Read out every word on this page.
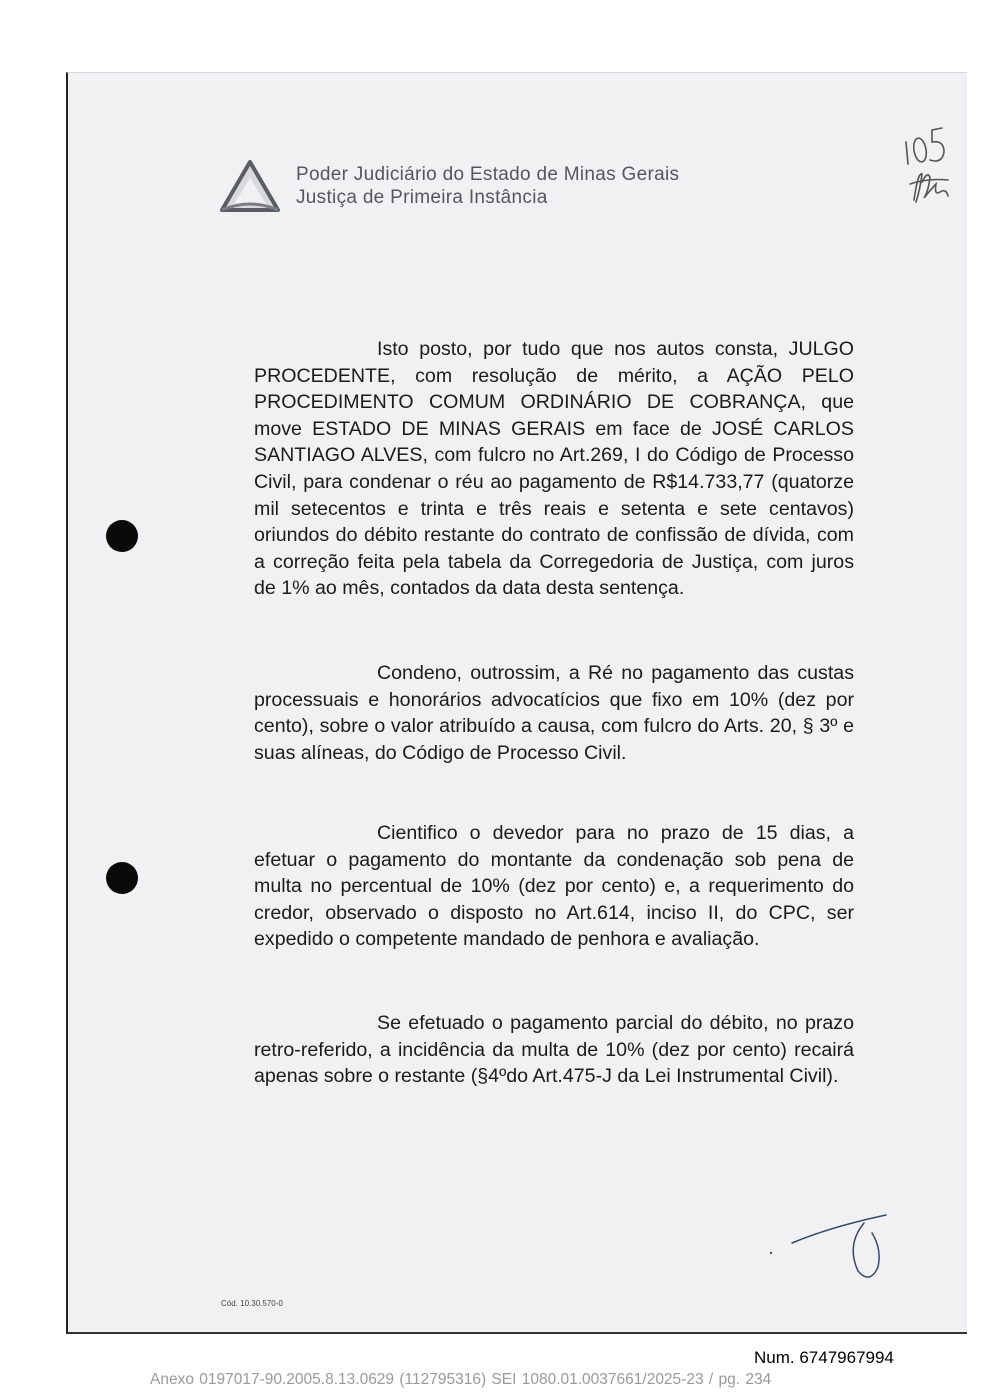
Poder Judiciário do Estado de Minas Gerais
Justiça de Primeira Instância

Isto posto, por tudo que nos autos consta, JULGO PROCEDENTE, com resolução de mérito, a AÇÃO PELO PROCEDIMENTO COMUM ORDINÁRIO DE COBRANÇA, que move ESTADO DE MINAS GERAIS em face de JOSÉ CARLOS SANTIAGO ALVES, com fulcro no Art.269, I do Código de Processo Civil, para condenar o réu ao pagamento de R$14.733,77 (quatorze mil setecentos e trinta e três reais e setenta e sete centavos) oriundos do débito restante do contrato de confissão de dívida, com a correção feita pela tabela da Corregedoria de Justiça, com juros de 1% ao mês, contados da data desta sentença.

Condeno, outrossim, a Ré no pagamento das custas processuais e honorários advocatícios que fixo em 10% (dez por cento), sobre o valor atribuído a causa, com fulcro do Arts. 20, § 3º e suas alíneas, do Código de Processo Civil.

Cientifico o devedor para no prazo de 15 dias, a efetuar o pagamento do montante da condenação sob pena de multa no percentual de 10% (dez por cento) e, a requerimento do credor, observado o disposto no Art.614, inciso II, do CPC, ser expedido o competente mandado de penhora e avaliação.

Se efetuado o pagamento parcial do débito, no prazo retro-referido, a incidência da multa de 10% (dez por cento) recairá apenas sobre o restante (§4ºdo Art.475-J da Lei Instrumental Civil).

Cód. 10.30.570-0
Num. 6747967994
Anexo 0197017-90.2005.8.13.0629 (112795316) SEI 1080.01.0037661/2025-23 / pg. 234
